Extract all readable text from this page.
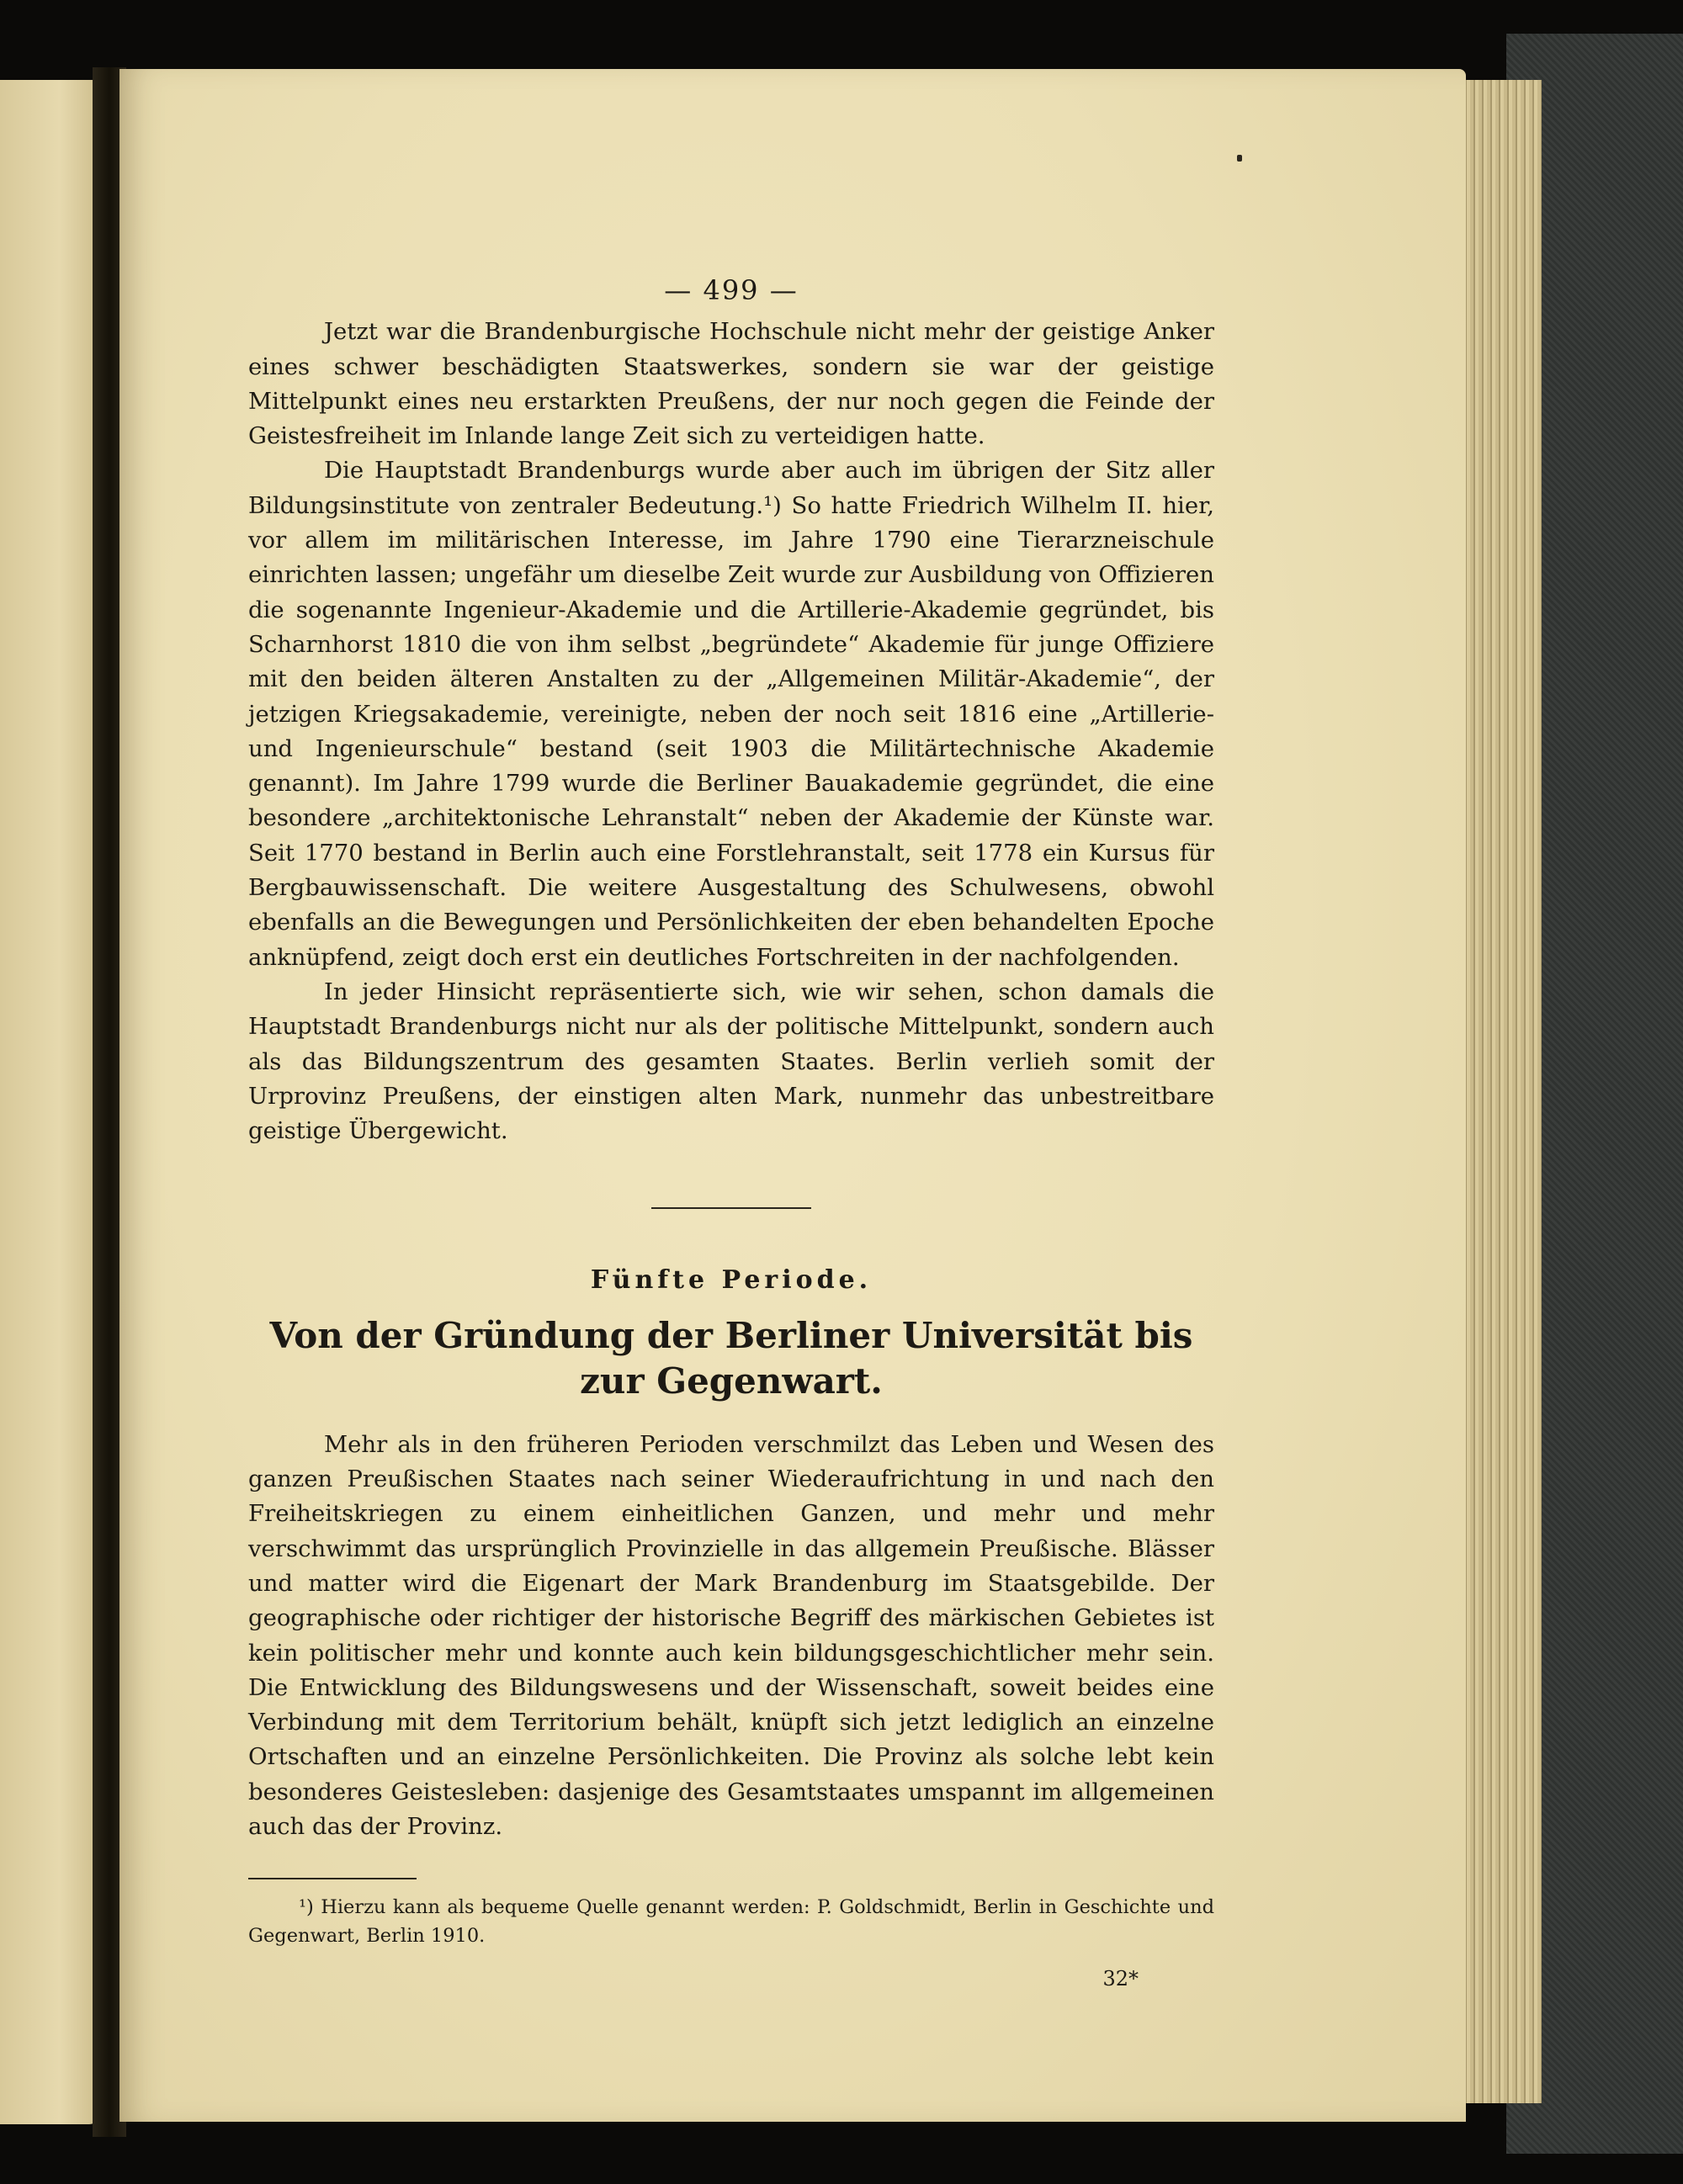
— 499 —

Jetzt war die Brandenburgische Hochschule nicht mehr der geistige Anker eines schwer beschädigten Staatswerkes, sondern sie war der geistige Mittelpunkt eines neu erstarkten Preußens, der nur noch gegen die Feinde der Geistesfreiheit im Inlande lange Zeit sich zu verteidigen hatte.

Die Hauptstadt Brandenburgs wurde aber auch im übrigen der Sitz aller Bildungsinstitute von zentraler Bedeutung.¹) So hatte Friedrich Wilhelm II. hier, vor allem im militärischen Interesse, im Jahre 1790 eine Tierarzneischule einrichten lassen; ungefähr um dieselbe Zeit wurde zur Ausbildung von Offizieren die sogenannte Ingenieur-Akademie und die Artillerie-Akademie gegründet, bis Scharnhorst 1810 die von ihm selbst „begründete“ Akademie für junge Offiziere mit den beiden älteren Anstalten zu der „Allgemeinen Militär-Akademie“, der jetzigen Kriegsakademie, vereinigte, neben der noch seit 1816 eine „Artillerie- und Ingenieurschule“ bestand (seit 1903 die Militärtechnische Akademie genannt). Im Jahre 1799 wurde die Berliner Bauakademie gegründet, die eine besondere „architektonische Lehranstalt“ neben der Akademie der Künste war. Seit 1770 bestand in Berlin auch eine Forstlehranstalt, seit 1778 ein Kursus für Bergbauwissenschaft. Die weitere Ausgestaltung des Schulwesens, obwohl ebenfalls an die Bewegungen und Persönlichkeiten der eben behandelten Epoche anknüpfend, zeigt doch erst ein deutliches Fortschreiten in der nachfolgenden.

In jeder Hinsicht repräsentierte sich, wie wir sehen, schon damals die Hauptstadt Brandenburgs nicht nur als der politische Mittelpunkt, sondern auch als das Bildungszentrum des gesamten Staates. Berlin verlieh somit der Urprovinz Preußens, der einstigen alten Mark, nunmehr das unbestreitbare geistige Übergewicht.

Fünfte Periode.
Von der Gründung der Berliner Universität bis zur Gegenwart.

Mehr als in den früheren Perioden verschmilzt das Leben und Wesen des ganzen Preußischen Staates nach seiner Wiederaufrichtung in und nach den Freiheitskriegen zu einem einheitlichen Ganzen, und mehr und mehr verschwimmt das ursprünglich Provinzielle in das allgemein Preußische. Blässer und matter wird die Eigenart der Mark Brandenburg im Staatsgebilde. Der geographische oder richtiger der historische Begriff des märkischen Gebietes ist kein politischer mehr und konnte auch kein bildungsgeschichtlicher mehr sein. Die Entwicklung des Bildungswesens und der Wissenschaft, soweit beides eine Verbindung mit dem Territorium behält, knüpft sich jetzt lediglich an einzelne Ortschaften und an einzelne Persönlichkeiten. Die Provinz als solche lebt kein besonderes Geistesleben: dasjenige des Gesamtstaates umspannt im allgemeinen auch das der Provinz.

¹) Hierzu kann als bequeme Quelle genannt werden: P. Goldschmidt, Berlin in Geschichte und Gegenwart, Berlin 1910.
32*
